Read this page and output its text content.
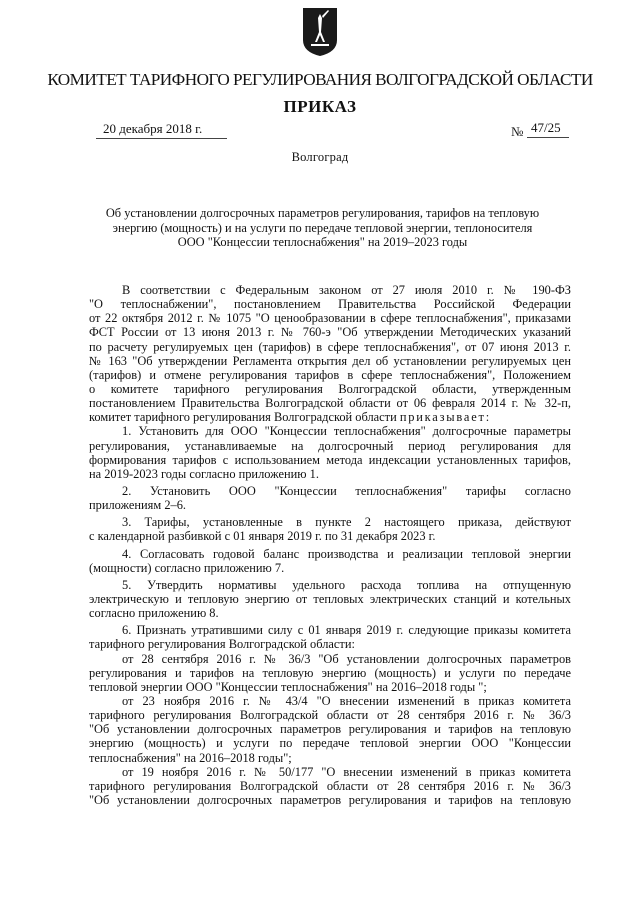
КОМИТЕТ ТАРИФНОГО РЕГУЛИРОВАНИЯ ВОЛГОГРАДСКОЙ ОБЛАСТИ
ПРИКАЗ
20 декабря 2018 г.	№ 47/25
Волгоград
Об установлении долгосрочных параметров регулирования, тарифов на тепловую
энергию (мощность) и на услуги по передаче тепловой энергии, теплоносителя
ООО "Концессии теплоснабжения" на 2019–2023 годы
В соответствии с Федеральным законом от 27 июля 2010 г. № 190-ФЗ
"О теплоснабжении", постановлением Правительства Российской Федерации
от 22 октября 2012 г. № 1075 "О ценообразовании в сфере теплоснабжения", приказами
ФСТ России от 13 июня 2013 г. № 760-э "Об утверждении Методических указаний
по расчету регулируемых цен (тарифов) в сфере теплоснабжения", от 07 июня 2013 г.
№ 163 "Об утверждении Регламента открытия дел об установлении регулируемых цен
(тарифов) и отмене регулирования тарифов в сфере теплоснабжения", Положением
о комитете тарифного регулирования Волгоградской области, утвержденным
постановлением Правительства Волгоградской области от 06 февраля 2014 г. № 32-п,
комитет тарифного регулирования Волгоградской области приказывает:
1. Установить для ООО "Концессии теплоснабжения" долгосрочные параметры
регулирования, устанавливаемые на долгосрочный период регулирования для
формирования тарифов с использованием метода индексации установленных тарифов,
на 2019-2023 годы согласно приложению 1.
2. Установить ООО "Концессии теплоснабжения" тарифы согласно
приложениям 2–6.
3. Тарифы, установленные в пункте 2 настоящего приказа, действуют
с календарной разбивкой с 01 января 2019 г. по 31 декабря 2023 г.
4. Согласовать годовой баланс производства и реализации тепловой энергии
(мощности) согласно приложению 7.
5. Утвердить нормативы удельного расхода топлива на отпущенную
электрическую и тепловую энергию от тепловых электрических станций и котельных
согласно приложению 8.
6. Признать утратившими силу с 01 января 2019 г. следующие приказы комитета
тарифного регулирования Волгоградской области:
от 28 сентября 2016 г. № 36/3 "Об установлении долгосрочных параметров
регулирования и тарифов на тепловую энергию (мощность) и услуги по передаче
тепловой энергии ООО "Концессии теплоснабжения" на 2016–2018 годы ";
от 23 ноября 2016 г. № 43/4 "О внесении изменений в приказ комитета
тарифного регулирования Волгоградской области от 28 сентября 2016 г. № 36/3
"Об установлении долгосрочных параметров регулирования и тарифов на тепловую
энергию (мощность) и услуги по передаче тепловой энергии ООО "Концессии
теплоснабжения" на 2016–2018 годы";
от 19 ноября 2016 г. № 50/177 "О внесении изменений в приказ комитета
тарифного регулирования Волгоградской области от 28 сентября 2016 г. № 36/3
"Об установлении долгосрочных параметров регулирования и тарифов на тепловую
